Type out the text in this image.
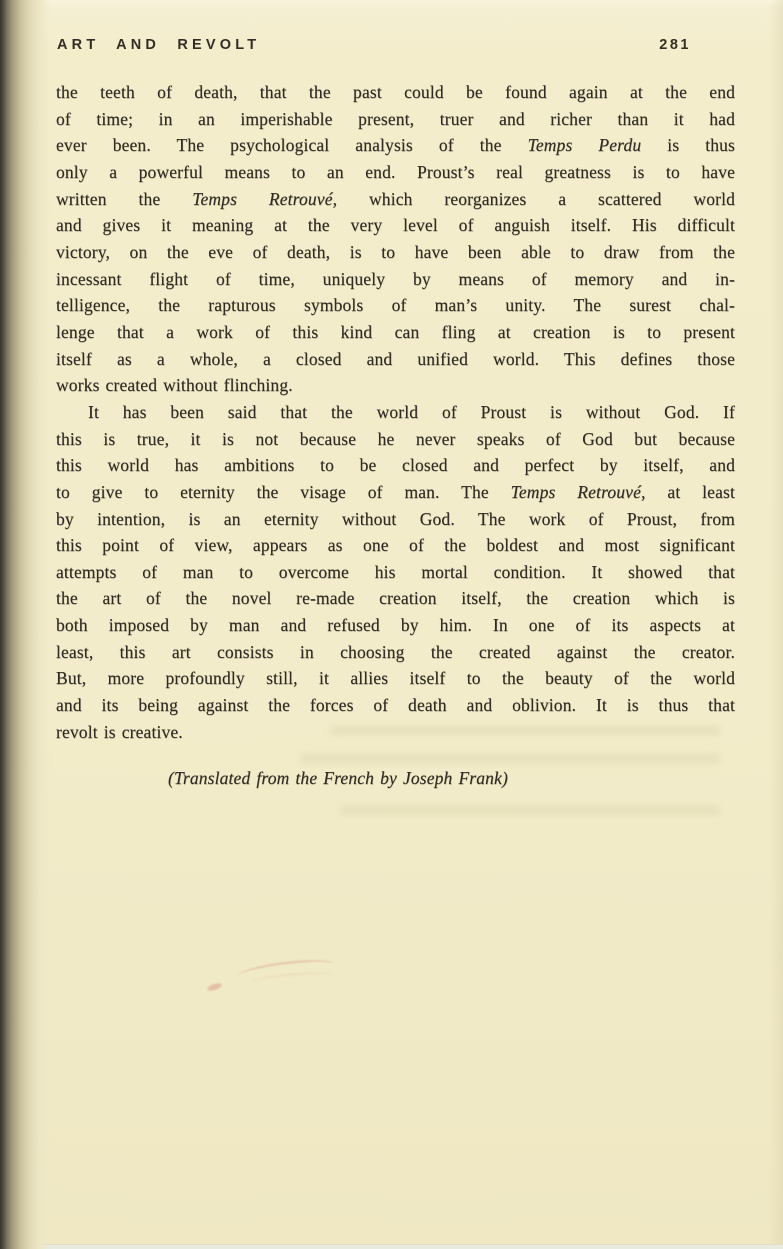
ART AND REVOLT	281
the teeth of death, that the past could be found again at the end
of time; in an imperishable present, truer and richer than it had
ever been. The psychological analysis of the Temps Perdu is thus
only a powerful means to an end. Proust’s real greatness is to have
written the Temps Retrouvé, which reorganizes a scattered world
and gives it meaning at the very level of anguish itself. His difficult
victory, on the eve of death, is to have been able to draw from the
incessant flight of time, uniquely by means of memory and in-
telligence, the rapturous symbols of man’s unity. The surest chal-
lenge that a work of this kind can fling at creation is to present
itself as a whole, a closed and unified world. This defines those
works created without flinching.
It has been said that the world of Proust is without God. If
this is true, it is not because he never speaks of God but because
this world has ambitions to be closed and perfect by itself, and
to give to eternity the visage of man. The Temps Retrouvé, at least
by intention, is an eternity without God. The work of Proust, from
this point of view, appears as one of the boldest and most significant
attempts of man to overcome his mortal condition. It showed that
the art of the novel re-made creation itself, the creation which is
both imposed by man and refused by him. In one of its aspects at
least, this art consists in choosing the created against the creator.
But, more profoundly still, it allies itself to the beauty of the world
and its being against the forces of death and oblivion. It is thus that
revolt is creative.
(Translated from the French by Joseph Frank)
